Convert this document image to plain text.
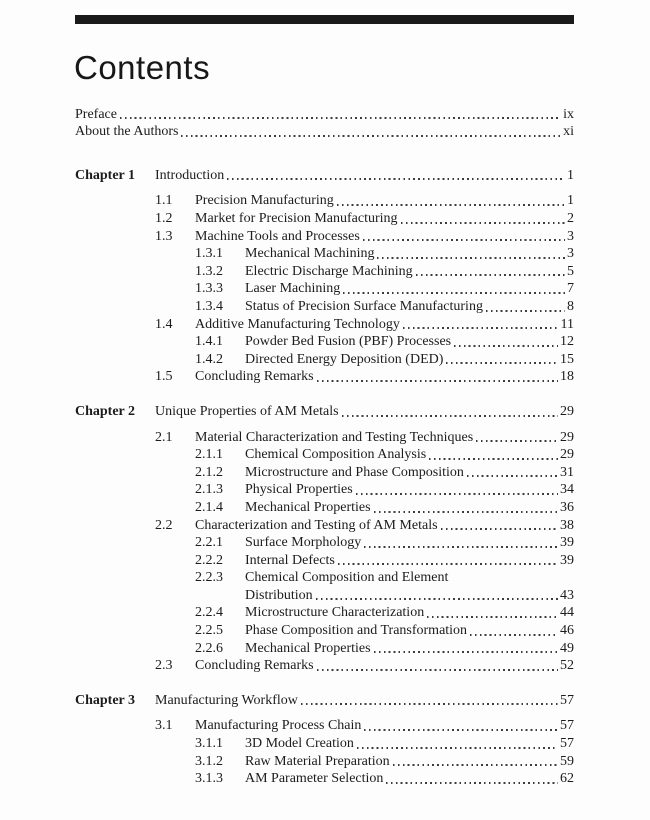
Contents
Preface	ix
About the Authors	xi
Chapter 1	Introduction	1
1.1	Precision Manufacturing	1
1.2	Market for Precision Manufacturing	2
1.3	Machine Tools and Processes	3
1.3.1	Mechanical Machining	3
1.3.2	Electric Discharge Machining	5
1.3.3	Laser Machining	7
1.3.4	Status of Precision Surface Manufacturing	8
1.4	Additive Manufacturing Technology	11
1.4.1	Powder Bed Fusion (PBF) Processes	12
1.4.2	Directed Energy Deposition (DED)	15
1.5	Concluding Remarks	18
Chapter 2	Unique Properties of AM Metals	29
2.1	Material Characterization and Testing Techniques	29
2.1.1	Chemical Composition Analysis	29
2.1.2	Microstructure and Phase Composition	31
2.1.3	Physical Properties	34
2.1.4	Mechanical Properties	36
2.2	Characterization and Testing of AM Metals	38
2.2.1	Surface Morphology	39
2.2.2	Internal Defects	39
2.2.3	Chemical Composition and Element
Distribution	43
2.2.4	Microstructure Characterization	44
2.2.5	Phase Composition and Transformation	46
2.2.6	Mechanical Properties	49
2.3	Concluding Remarks	52
Chapter 3	Manufacturing Workflow	57
3.1	Manufacturing Process Chain	57
3.1.1	3D Model Creation	57
3.1.2	Raw Material Preparation	59
3.1.3	AM Parameter Selection	62
